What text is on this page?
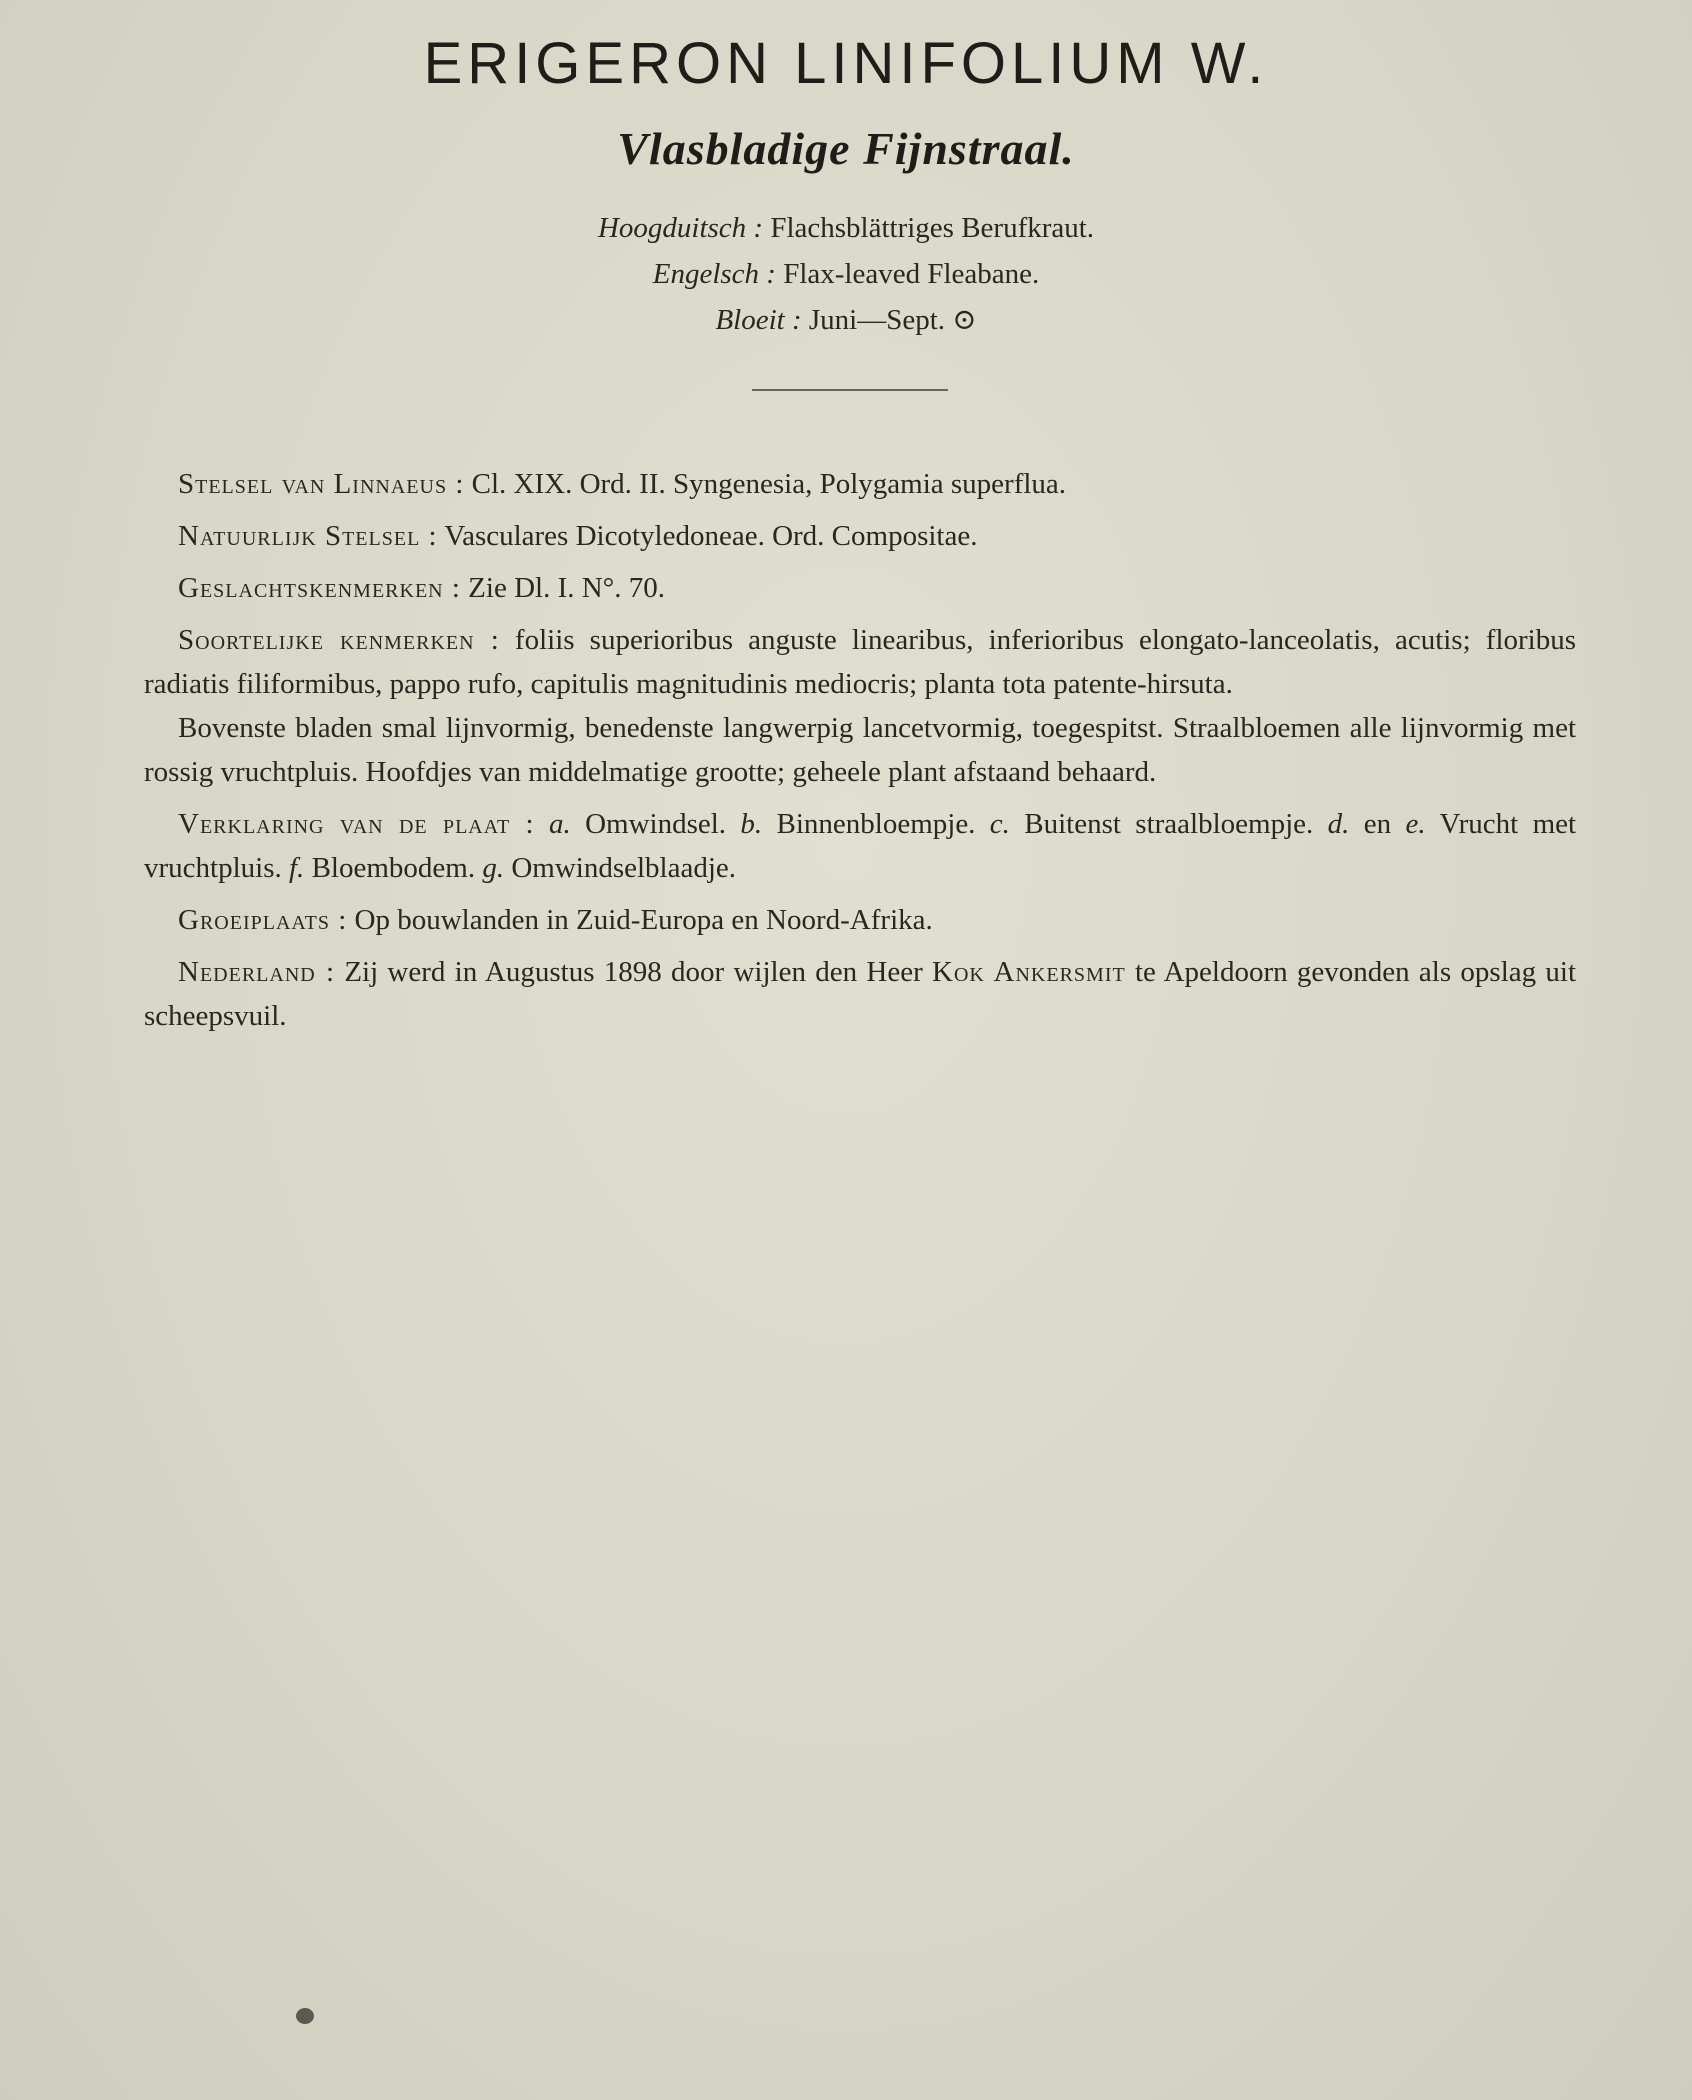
ERIGERON LINIFOLIUM W.
Vlasbladige Fijnstraal.
Hoogduitsch : Flachsblättriges Berufkraut.
Engelsch : Flax-leaved Fleabane.
Bloeit : Juni—Sept. ⊙

Stelsel van Linnaeus : Cl. XIX. Ord. II. Syngenesia, Polygamia superflua.

Natuurlijk Stelsel : Vasculares Dicotyledoneae. Ord. Compositae.

Geslachtskenmerken : Zie Dl. I. N°. 70.

Soortelijke kenmerken : foliis superioribus anguste linearibus, inferioribus elongato-lanceolatis, acutis; floribus radiatis filiformibus, pappo rufo, capitulis magnitudinis mediocris; planta tota patente-hirsuta.

Bovenste bladen smal lijnvormig, benedenste langwerpig lancetvormig, toegespitst. Straalbloemen alle lijnvormig met rossig vruchtpluis. Hoofdjes van middelmatige grootte; geheele plant afstaand behaard.

Verklaring van de plaat : a. Omwindsel. b. Binnenbloempje. c. Buitenst straalbloempje. d. en e. Vrucht met vruchtpluis. f. Bloembodem. g. Omwindselblaadje.

Groeiplaats : Op bouwlanden in Zuid-Europa en Noord-Afrika.

Nederland : Zij werd in Augustus 1898 door wijlen den Heer Kok Ankersmit te Apeldoorn gevonden als opslag uit scheepsvuil.
